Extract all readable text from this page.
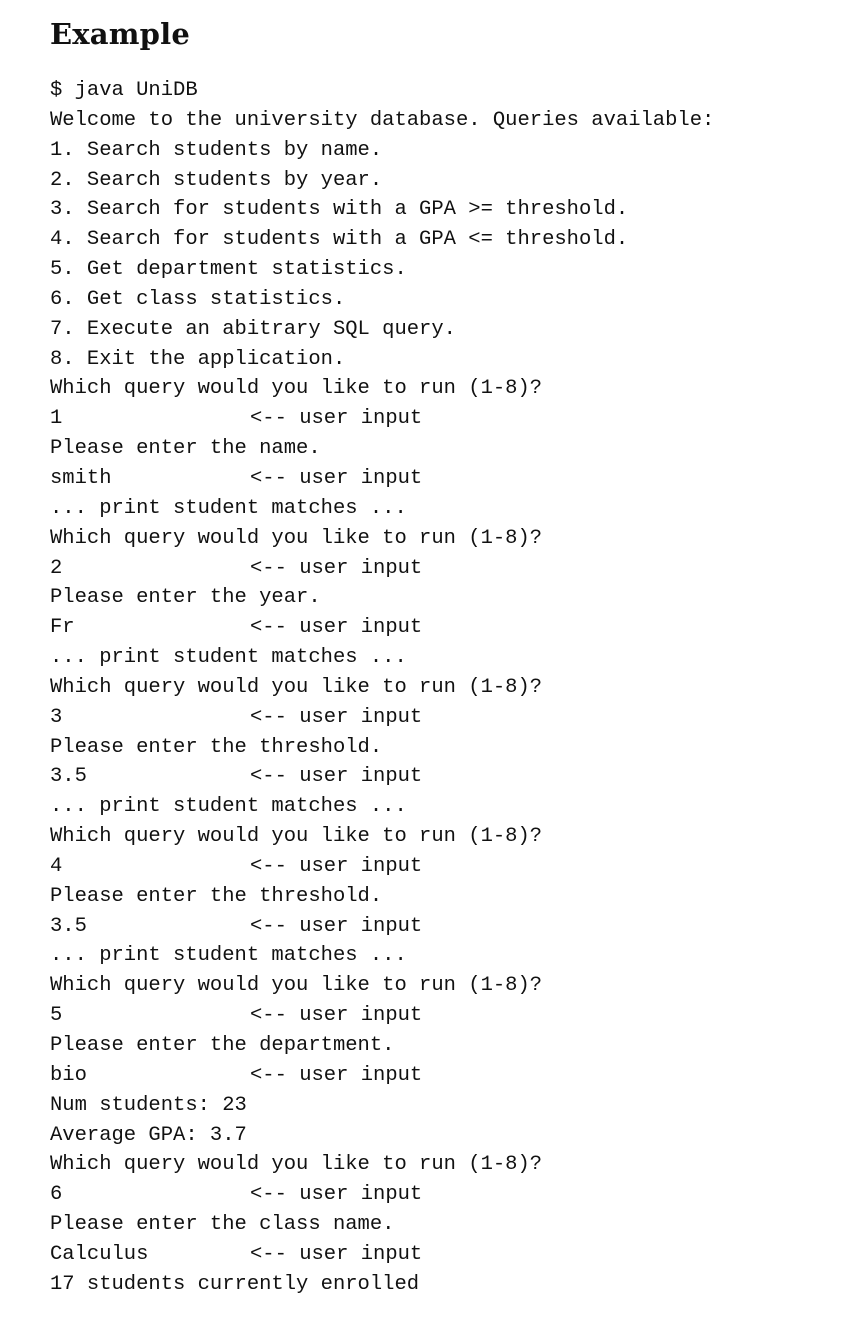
Example
$ java UniDB
Welcome to the university database. Queries available:
1. Search students by name.
2. Search students by year.
3. Search for students with a GPA >= threshold.
4. Search for students with a GPA <= threshold.
5. Get department statistics.
6. Get class statistics.
7. Execute an abitrary SQL query.
8. Exit the application.
Which query would you like to run (1-8)?
1	<-- user input
Please enter the name.
smith	<-- user input
... print student matches ...
Which query would you like to run (1-8)?
2	<-- user input
Please enter the year.
Fr	<-- user input
... print student matches ...
Which query would you like to run (1-8)?
3	<-- user input
Please enter the threshold.
3.5	<-- user input
... print student matches ...
Which query would you like to run (1-8)?
4	<-- user input
Please enter the threshold.
3.5	<-- user input
... print student matches ...
Which query would you like to run (1-8)?
5	<-- user input
Please enter the department.
bio	<-- user input
Num students: 23
Average GPA: 3.7
Which query would you like to run (1-8)?
6	<-- user input
Please enter the class name.
Calculus	<-- user input
17 students currently enrolled
